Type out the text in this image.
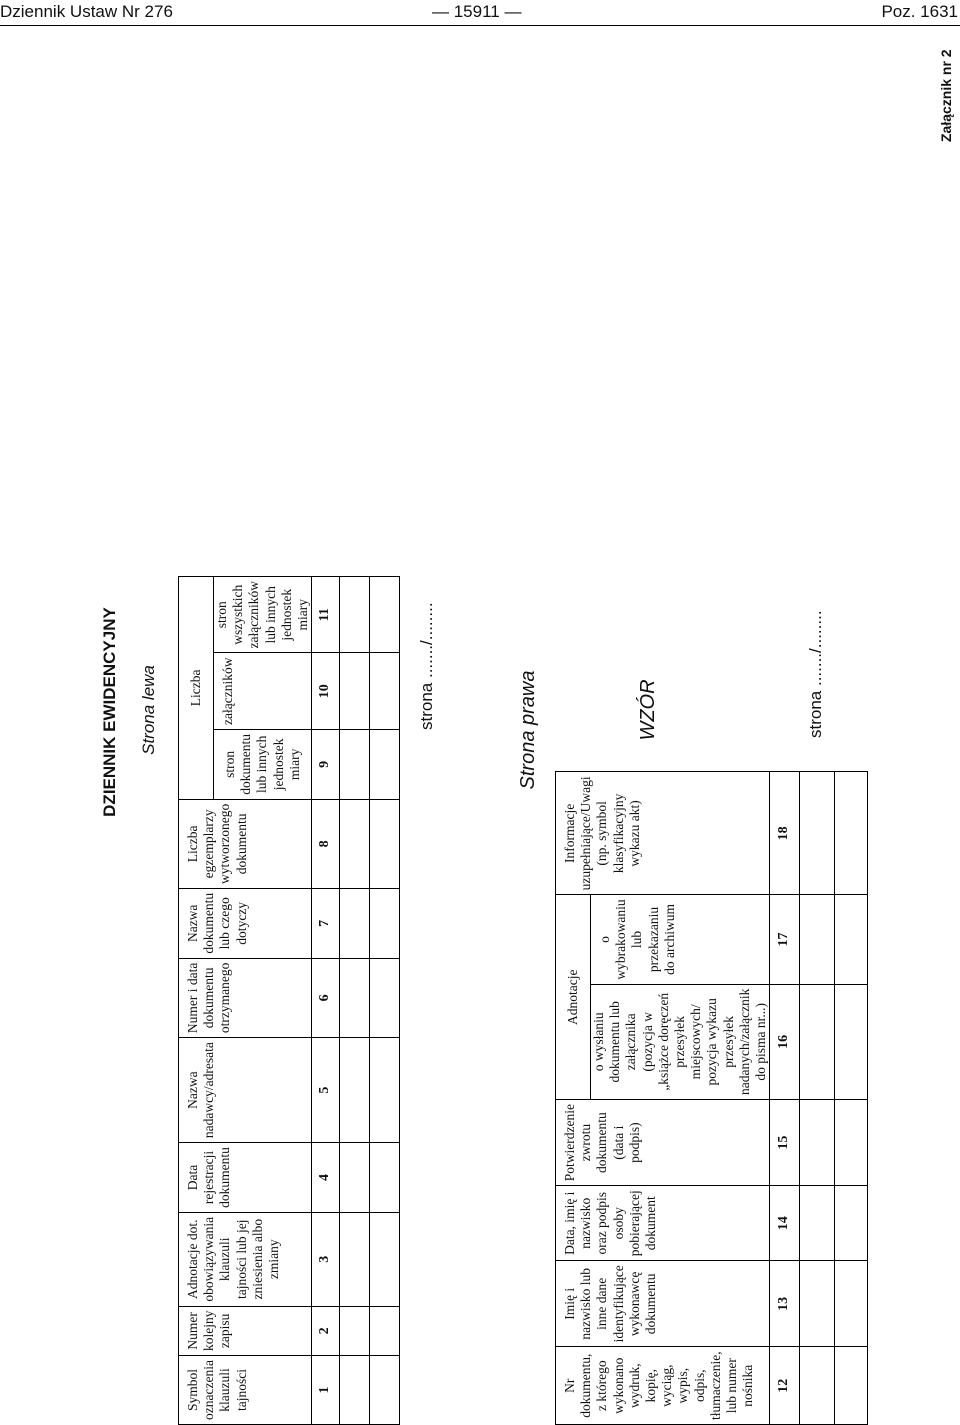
Dziennik Ustaw Nr 276	— 15911 —	Poz. 1631
Załącznik nr 2
WZÓR
DZIENNIK EWIDENCYJNY Strona lewa	Strona prawa
strona ......./........	strona ......./........
Symbol oznaczenia klauzuli tajności	Numer kolejny zapisu	Adnotacje dot. obowiązywania klauzuli tajności lub jej zniesienia albo zmiany	Data rejestracji dokumentu	Nazwa nadawcy/adresata	Numer i data dokumentu otrzymanego	Nazwa dokumentu lub czego dotyczy	Liczba egzemplarzy wytworzonego dokumentu	Liczba		
								stron dokumentu lub innych jednostek miary	załączników	stron wszystkich załączników lub innych jednostek miary
1	2	3	4	5	6	7	8	9	10	11

Nr dokumentu, z którego wykonano wydruk, kopię, wyciąg, wypis, odpis, tłumaczenie, lub numer nośnika	Imię i nazwisko lub inne dane identyfikujące wykonawcę dokumentu	Data, imię i nazwisko oraz podpis osoby pobierającej dokument	Potwierdzenie zwrotu dokumentu (data i podpis)	Adnotacje		Informacje uzupełniające/Uwagi (np. symbol klasyfikacyjny wykazu akt)
				o wysłaniu dokumentu lub załącznika (pozycja w „książce doręczeń przesyłek miejscowych/ pozycja wykazu przesyłek nadanych/załącznik do pisma nr...)	o wybrakowaniu lub przekazaniu do archiwum	
12	13	14	15	16	17	18
